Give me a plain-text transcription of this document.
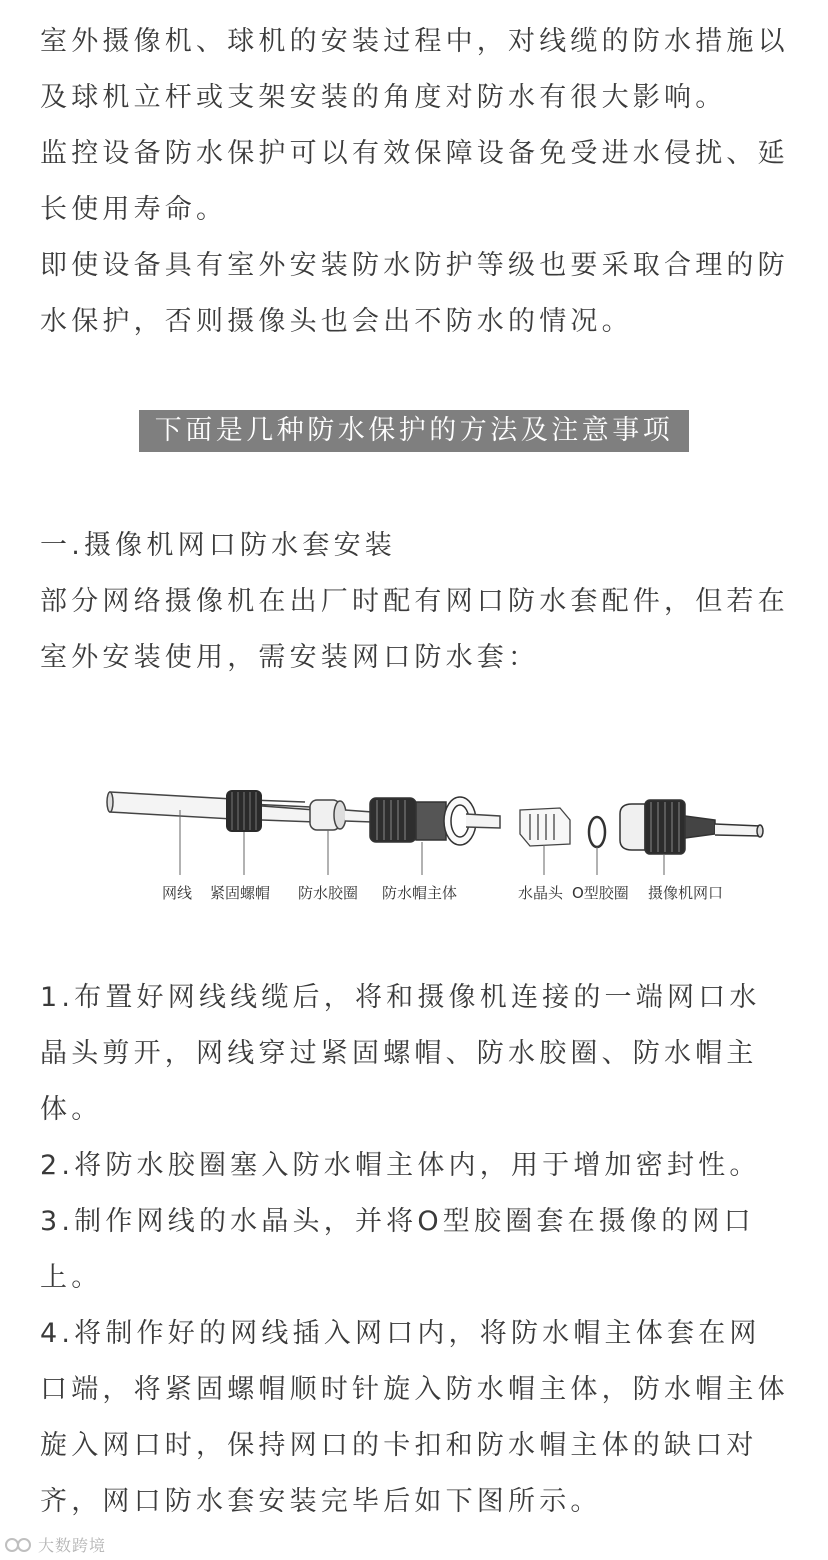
室外摄像机、球机的安装过程中，对线缆的防水措施以及球机立杆或支架安装的角度对防水有很大影响。

监控设备防水保护可以有效保障设备免受进水侵扰、延长使用寿命。

即使设备具有室外安装防水防护等级也要采取合理的防水保护，否则摄像头也会出不防水的情况。

下面是几种防水保护的方法及注意事项

一.摄像机网口防水套安装

部分网络摄像机在出厂时配有网口防水套配件，但若在室外安装使用，需安装网口防水套：

网线 紧固螺帽 防水胶圈 防水帽主体	水晶头 O型胶圈 摄像机网口

1.布置好网线线缆后，将和摄像机连接的一端网口水晶头剪开，网线穿过紧固螺帽、防水胶圈、防水帽主体。

2.将防水胶圈塞入防水帽主体内，用于增加密封性。

3.制作网线的水晶头，并将O型胶圈套在摄像的网口上。

4.将制作好的网线插入网口内，将防水帽主体套在网口端，将紧固螺帽顺时针旋入防水帽主体，防水帽主体旋入网口时，保持网口的卡扣和防水帽主体的缺口对齐，网口防水套安装完毕后如下图所示。

大数跨境
